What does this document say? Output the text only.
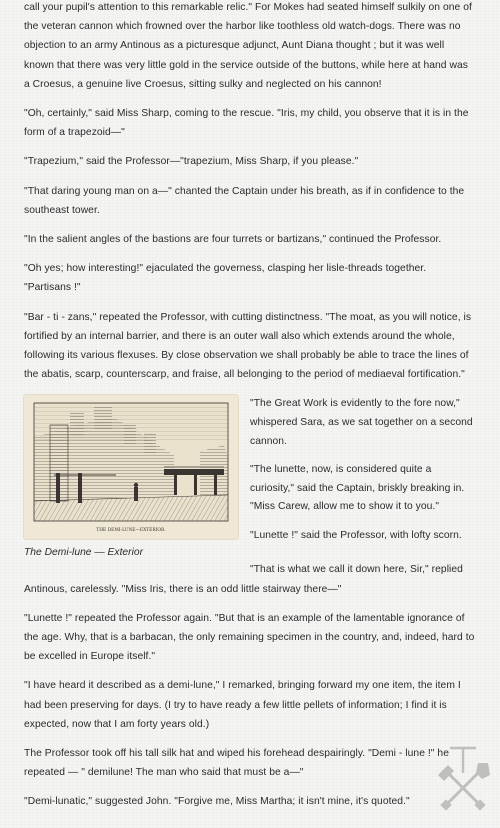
call your pupil's attention to this remarkable relic." For Mokes had seated himself sulkily on one of the veteran cannon which frowned over the harbor like toothless old watch-dogs. There was no objection to an army Antinous as a picturesque adjunct, Aunt Diana thought ; but it was well known that there was very little gold in the service outside of the buttons, while here at hand was a Croesus, a genuine live Croesus, sitting sulky and neglected on his cannon!

"Oh, certainly," said Miss Sharp, coming to the rescue. "Iris, my child, you observe that it is in the form of a trapezoid—"

"Trapezium," said the Professor—"trapezium, Miss Sharp, if you please."

"That daring young man on a—" chanted the Captain under his breath, as if in confidence to the southeast tower.

"In the salient angles of the bastions are four turrets or bartizans," continued the Professor.

"Oh yes; how interesting!" ejaculated the governess, clasping her lisle-threads together. "Partisans !"

"Bar - ti - zans," repeated the Professor, with cutting distinctness. "The moat, as you will notice, is fortified by an internal barrier, and there is an outer wall also which extends around the whole, following its various flexuses. By close observation we shall probably be able to trace the lines of the abatis, scarp, counterscarp, and fraise, all belonging to the period of mediaeval fortification."

THE DEMI-LUNE—EXTERIOR.
The Demi-lune — Exterior

"The Great Work is evidently to the fore now," whispered Sara, as we sat together on a second cannon.

"The lunette, now, is considered quite a curiosity," said the Captain, briskly breaking in. "Miss Carew, allow me to show it to you."

"Lunette !" said the Professor, with lofty scorn.

"That is what we call it down here, Sir," replied Antinous, carelessly. "Miss Iris, there is an odd little stairway there—"

"Lunette !" repeated the Professor again. "But that is an example of the lamentable ignorance of the age. Why, that is a barbacan, the only remaining specimen in the country, and, indeed, hard to be excelled in Europe itself."

"I have heard it described as a demi-lune," I remarked, bringing forward my one item, the item I had been preserving for days. (I try to have ready a few little pellets of information; I find it is expected, now that I am forty years old.)

The Professor took off his tall silk hat and wiped his forehead despairingly. "Demi - lune !" he repeated — " demilune! The man who said that must be a—"

"Demi-lunatic," suggested John. "Forgive me, Miss Martha; it isn't mine, it's quoted."
